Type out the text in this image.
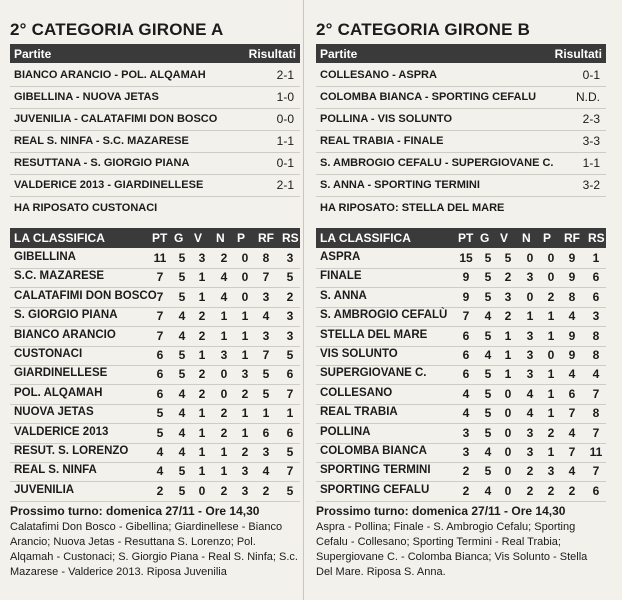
2° CATEGORIA GIRONE A
Partite	Risultati
BIANCO ARANCIO - POL. ALQAMAH	2-1
GIBELLINA - NUOVA JETAS	1-0
JUVENILIA - CALATAFIMI DON BOSCO	0-0
REAL S. NINFA - S.C. MAZARESE	1-1
RESUTTANA - S. GIORGIO PIANA	0-1
VALDERICE 2013 - GIARDINELLESE	2-1
HA RIPOSATO CUSTONACI
LA CLASSIFICA	PT G V N P RF RS
GIBELLINA	11	5	3	2	0	8	3
S.C. MAZARESE	7	5	1	4	0	7	5
CALATAFIMI DON BOSCO 7	5	1	4	0	3	2
S. GIORGIO PIANA	7	4	2	1	1	4	3
BIANCO ARANCIO	7	4	2	1	1	3	3
CUSTONACI	6	5	1	3	1	7	5
GIARDINELLESE	6	5	2	0	3	5	6
POL. ALQAMAH	6	4	2	0	2	5	7
NUOVA JETAS	5	4	1	2	1	1	1
VALDERICE 2013	5	4	1	2	1	6	6
RESUT. S. LORENZO	4	4	1	1	2	3	5
REAL S. NINFA	4	5	1	1	3	4	7
JUVENILIA	2	5	0	2	3	2	5
Prossimo turno: domenica 27/11 - Ore 14,30
Calatafimi Don Bosco - Gibellina; Giardinellese - Bianco Arancio; Nuova Jetas - Resuttana S. Lorenzo; Pol. Alqamah - Custonaci; S. Giorgio Piana - Real S. Ninfa; S.c. Mazarese - Valderice 2013. Riposa Juvenilia
2° CATEGORIA GIRONE B
Partite	Risultati
COLLESANO - ASPRA	0-1
COLOMBA BIANCA - SPORTING CEFALU	N.D.
POLLINA - VIS SOLUNTO	2-3
REAL TRABIA - FINALE	3-3
S. AMBROGIO CEFALU - SUPERGIOVANE C. 1-1
S. ANNA - SPORTING TERMINI	3-2
HA RIPOSATO: STELLA DEL MARE
LA CLASSIFICA	PT G V N P RF RS
ASPRA	15 5	5	0	0	9	1
FINALE	9	5	2	3	0	9	6
S. ANNA	9	5	3	0	2	8	6
S. AMBROGIO CEFALÙ	7	4	2	1	1	4	3
STELLA DEL MARE	6	5	1	3	1	9	8
VIS SOLUNTO	6	4	1	3	0	9	8
SUPERGIOVANE C.	6	5	1	3	1	4	4
COLLESANO	4	5	0	4	1	6	7
REAL TRABIA	4	5	0	4	1	7	8
POLLINA	3	5	0	3	2	4	7
COLOMBA BIANCA	3	4	0	3	1	7	11
SPORTING TERMINI	2	5	0	2	3	4	7
SPORTING CEFALU	2	4	0	2	2	2	6
Prossimo turno: domenica 27/11 - Ore 14,30
Aspra - Pollina; Finale - S. Ambrogio Cefalu; Sporting Cefalu - Collesano; Sporting Termini - Real Trabia; Supergiovane C. - Colomba Bianca; Vis Solunto - Stella Del Mare. Riposa S. Anna.
